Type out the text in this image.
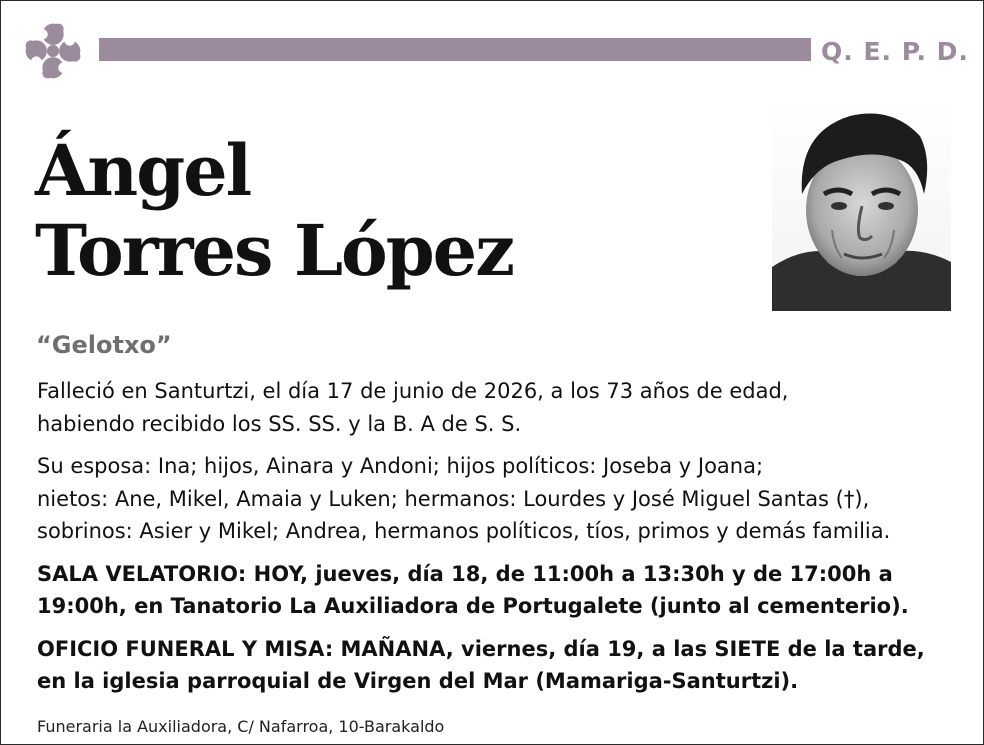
Q. E. P. D.
Ángel
Torres López
“Gelotxo”

Falleció en Santurtzi, el día 17 de junio de 2026, a los 73 años de edad,
habiendo recibido los SS. SS. y la B. A de S. S.

Su esposa: Ina; hijos, Ainara y Andoni; hijos políticos: Joseba y Joana;
nietos: Ane, Mikel, Amaia y Luken; hermanos: Lourdes y José Miguel Santas (†),
sobrinos: Asier y Mikel; Andrea, hermanos políticos, tíos, primos y demás familia.

SALA VELATORIO: HOY, jueves, día 18, de 11:00h a 13:30h y de 17:00h a
19:00h, en Tanatorio La Auxiliadora de Portugalete (junto al cementerio).

OFICIO FUNERAL Y MISA: MAÑANA, viernes, día 19, a las SIETE de la tarde,
en la iglesia parroquial de Virgen del Mar (Mamariga-Santurtzi).

Funeraria la Auxiliadora, C/ Nafarroa, 10-Barakaldo
